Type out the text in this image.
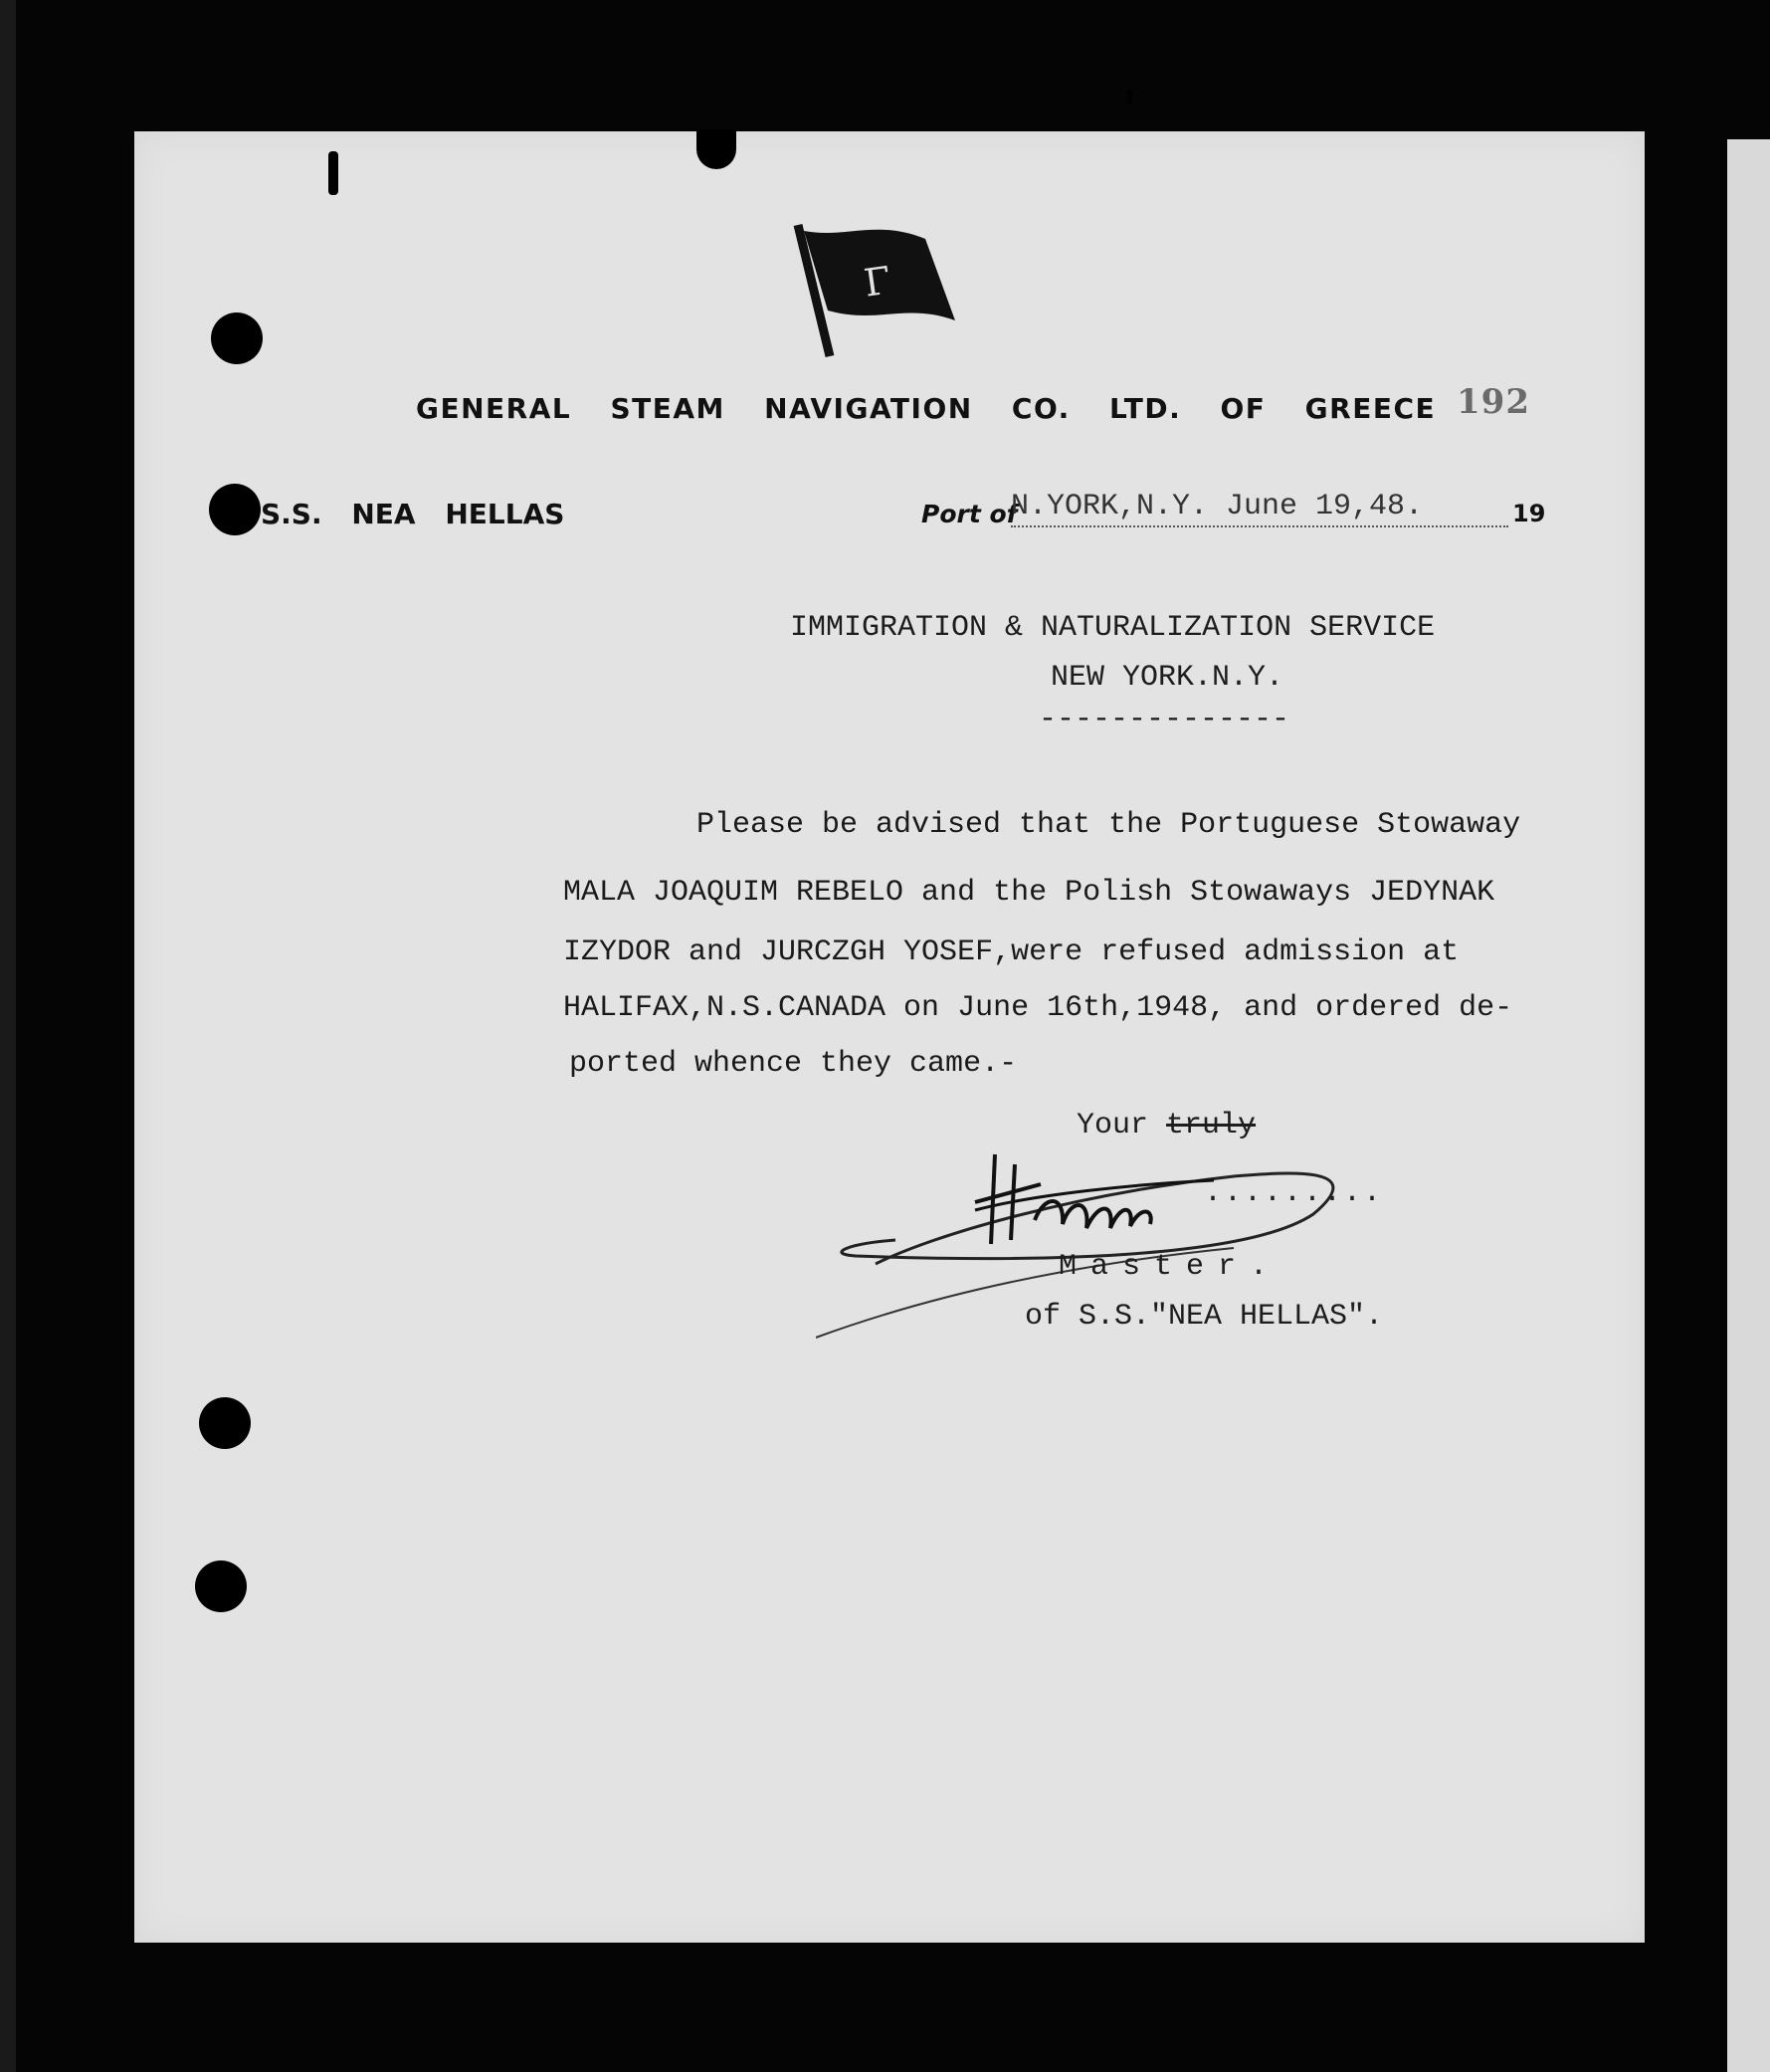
Γ
GENERAL STEAM NAVIGATION CO. LTD. OF GREECE 192
S.S. NEA HELLAS	Port of
N.YORK,N.Y. June 19,48.	19
IMMIGRATION & NATURALIZATION SERVICE
NEW YORK.N.Y.
--------------
Please be advised that the Portuguese Stowaway
MALA JOAQUIM REBELO and the Polish Stowaways JEDYNAK
IZYDOR and JURCZGH YOSEF,were refused admission at
HALIFAX,N.S.CANADA on June 16th,1948, and ordered de-
ported whence they came.-
Your truly
.........
Master.
of S.S."NEA HELLAS".
